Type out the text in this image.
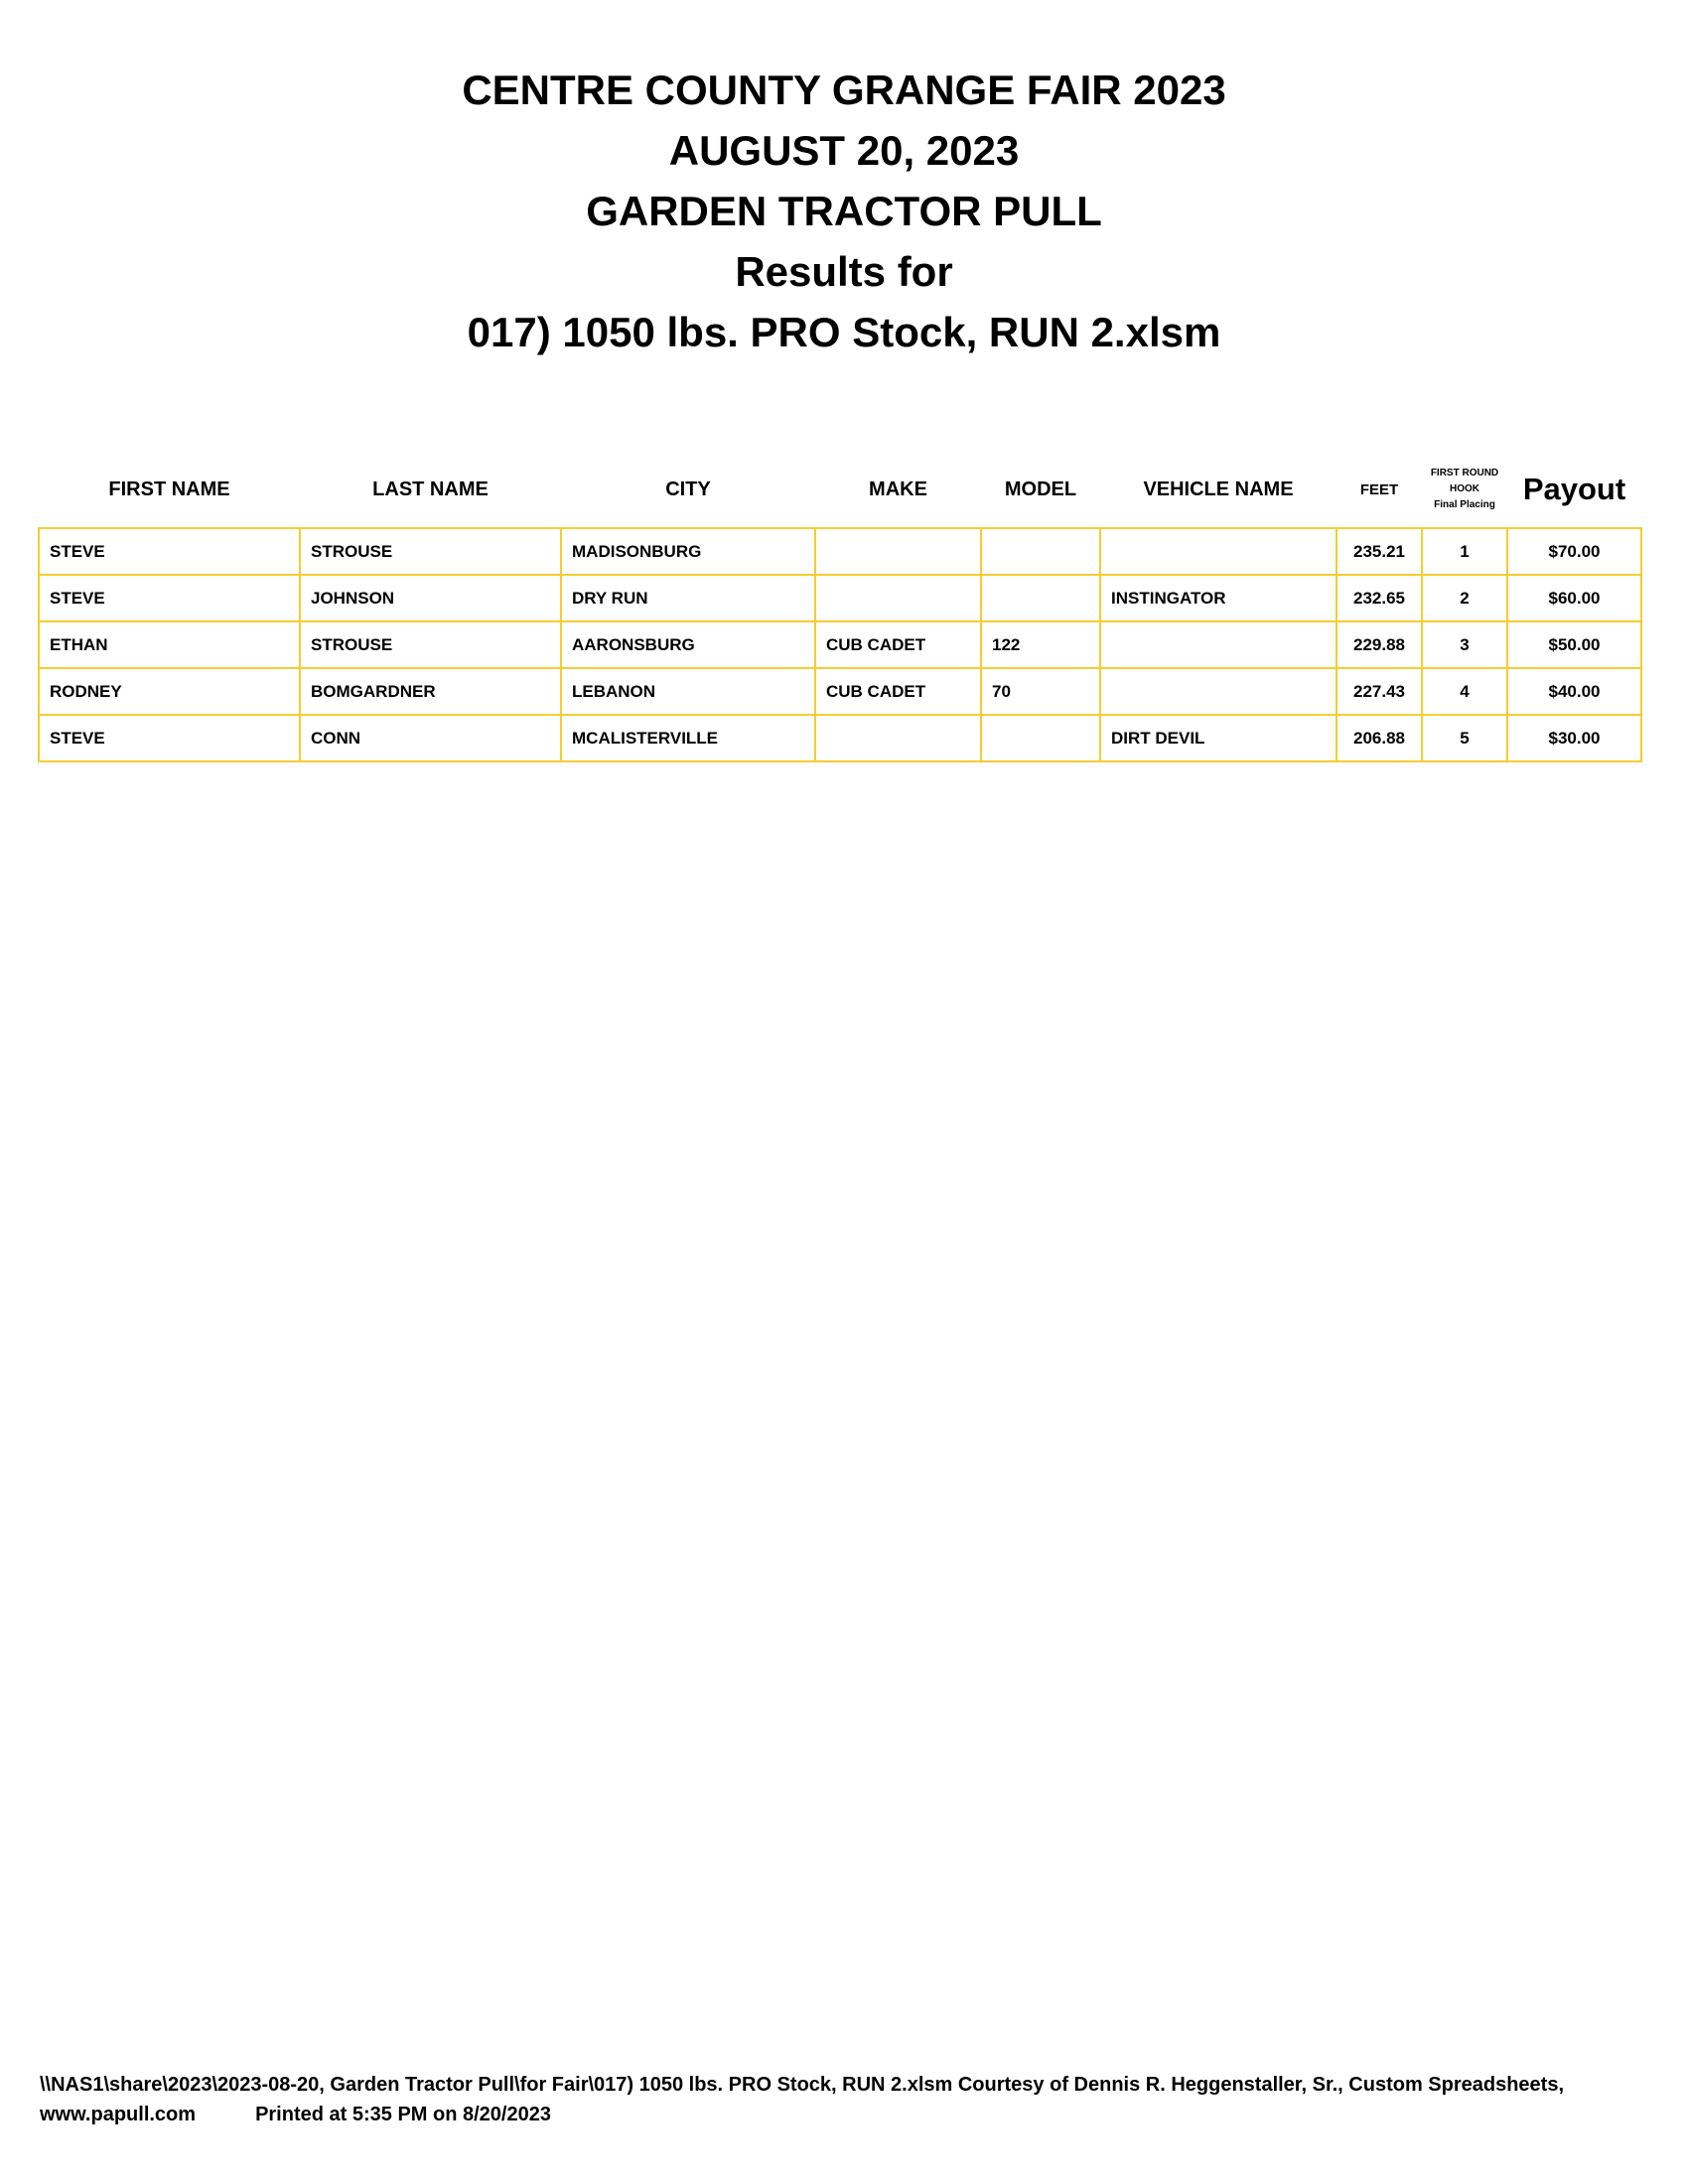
CENTRE COUNTY GRANGE FAIR 2023
AUGUST 20, 2023
GARDEN TRACTOR PULL
Results for
017) 1050 lbs. PRO Stock, RUN 2.xlsm
FIRST NAME	LAST NAME	CITY	MAKE	MODEL	VEHICLE NAME	FEET	FIRST ROUND
HOOK
Final Placing	Payout
STEVE	STROUSE	MADISONBURG				235.21	1	$70.00
STEVE	JOHNSON	DRY RUN			INSTINGATOR	232.65	2	$60.00
ETHAN	STROUSE	AARONSBURG	CUB CADET	122		229.88	3	$50.00
RODNEY	BOMGARDNER	LEBANON	CUB CADET	70		227.43	4	$40.00
STEVE	CONN	MCALISTERVILLE			DIRT DEVIL	206.88	5	$30.00
\\NAS1\share\2023\2023-08-20, Garden Tractor Pull\for Fair\017) 1050 lbs. PRO Stock, RUN 2.xlsm Courtesy of Dennis R. Heggenstaller, Sr., Custom Spreadsheets, www.papull.com	Printed at 5:35 PM on 8/20/2023
